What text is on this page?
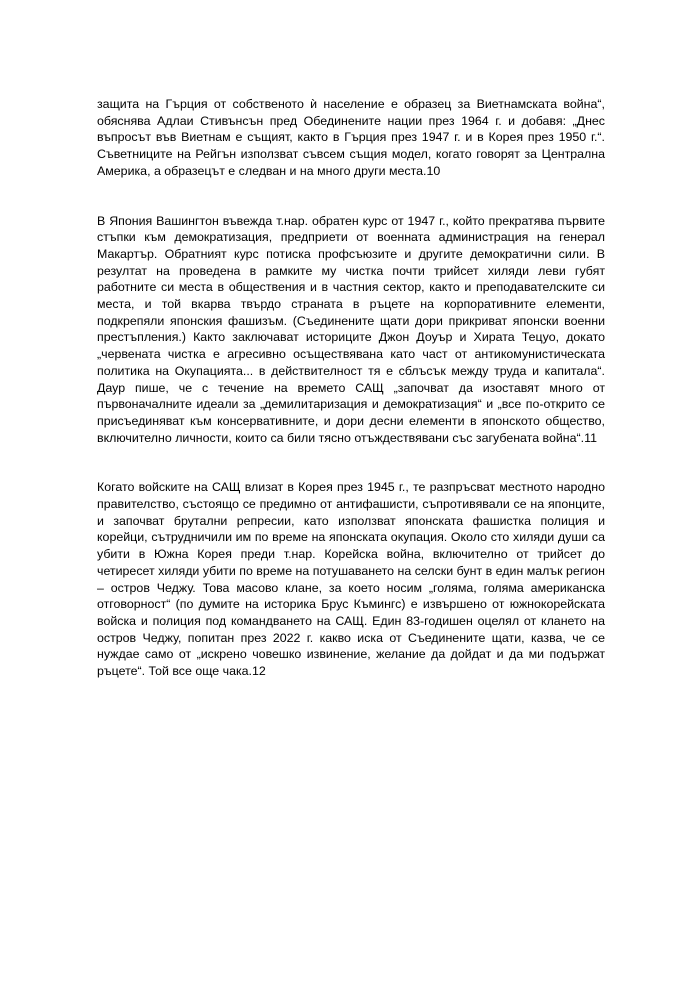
защита на Гърция от собственото ѝ население е образец за Виетнамската война“, обяснява Адлаи Стивънсън пред Обединените нации през 1964 г. и добавя: „Днес въпросът във Виетнам е същият, както в Гърция през 1947 г. и в Корея през 1950 г.“. Съветниците на Рейгън използват съвсем същия модел, когато говорят за Централна Америка, а образецът е следван и на много други места.10

В Япония Вашингтон въвежда т.нар. обратен курс от 1947 г., който прекратява първите стъпки към демократизация, предприети от военната администрация на генерал Макартър. Обратният курс потиска профсъюзите и другите демократични сили. В резултат на проведена в рамките му чистка почти трийсет хиляди леви губят работните си места в обществения и в частния сектор, както и преподавателските си места, и той вкарва твърдо страната в ръцете на корпоративните елементи, подкрепяли японския фашизъм. (Съединените щати дори прикриват японски военни престъпления.) Както заключават историците Джон Доуър и Хирата Тецуо, докато „червената чистка е агресивно осъществявана като част от антикомунистическата политика на Окупацията... в действителност тя е сблъсък между труда и капитала“. Даур пише, че с течение на времето САЩ „започват да изоставят много от първоначалните идеали за „демилитаризация и демократизация“ и „все по-открито се присъединяват към консервативните, и дори десни елементи в японското общество, включително личности, които са били тясно отъждествявани със загубената война“.11

Когато войските на САЩ влизат в Корея през 1945 г., те разпръсват местното народно правителство, състоящо се предимно от антифашисти, съпротивявали се на японците, и започват брутални репресии, като използват японската фашистка полиция и корейци, сътрудничили им по време на японската окупация. Около сто хиляди души са убити в Южна Корея преди т.нар. Корейска война, включително от трийсет до четиресет хиляди убити по време на потушаването на селски бунт в един малък регион – остров Чеджу. Това масово клане, за което носим „голяма, голяма американска отговорност“ (по думите на историка Брус Къмингс) е извършено от южнокорейската войска и полиция под командването на САЩ. Един 83-годишен оцелял от клането на остров Чеджу, попитан през 2022 г. какво иска от Съединените щати, казва, че се нуждае само от „искрено човешко извинение, желание да дойдат и да ми подържат ръцете“. Той все още чака.12
